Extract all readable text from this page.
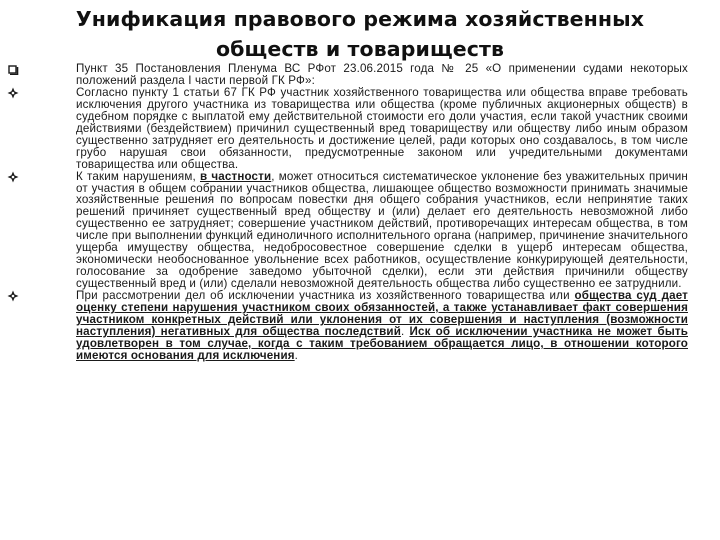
Унификация правового режима хозяйственных
обществ и товариществ
Пункт 35 Постановления Пленума ВС РФот 23.06.2015 года № 25 «О применении судами некоторых положений раздела I части первой ГК РФ»:
Согласно пункту 1 статьи 67 ГК РФ участник хозяйственного товарищества или общества вправе требовать исключения другого участника из товарищества или общества (кроме публичных акционерных обществ) в судебном порядке с выплатой ему действительной стоимости его доли участия, если такой участник своими действиями (бездействием) причинил существенный вред товариществу или обществу либо иным образом существенно затрудняет его деятельность и достижение целей, ради которых оно создавалось, в том числе грубо нарушая свои обязанности, предусмотренные законом или учредительными документами товарищества или общества.
К таким нарушениям, в частности, может относиться систематическое уклонение без уважительных причин от участия в общем собрании участников общества, лишающее общество возможности принимать значимые хозяйственные решения по вопросам повестки дня общего собрания участников, если непринятие таких решений причиняет существенный вред обществу и (или) делает его деятельность невозможной либо существенно ее затрудняет; совершение участником действий, противоречащих интересам общества, в том числе при выполнении функций единоличного исполнительного органа (например, причинение значительного ущерба имуществу общества, недобросовестное совершение сделки в ущерб интересам общества, экономически необоснованное увольнение всех работников, осуществление конкурирующей деятельности, голосование за одобрение заведомо убыточной сделки), если эти действия причинили обществу существенный вред и (или) сделали невозможной деятельность общества либо существенно ее затруднили.
При рассмотрении дел об исключении участника из хозяйственного товарищества или общества суд дает оценку степени нарушения участником своих обязанностей, а также устанавливает факт совершения участником конкретных действий или уклонения от их совершения и наступления (возможности наступления) негативных для общества последствий. Иск об исключении участника не может быть удовлетворен в том случае, когда с таким требованием обращается лицо, в отношении которого имеются основания для исключения.
